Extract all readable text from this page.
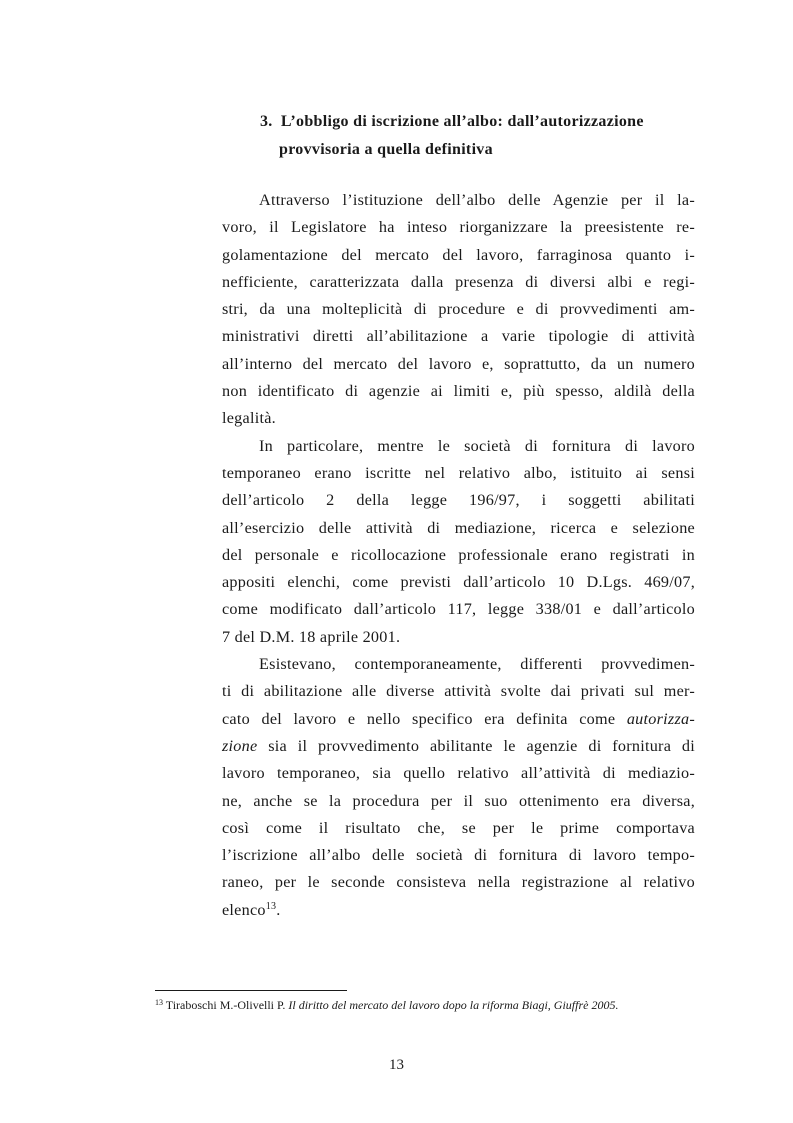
3. L’obbligo di iscrizione all’albo: dall’autorizzazione
provvisoria a quella definitiva
Attraverso l’istituzione dell’albo delle Agenzie per il la-
voro, il Legislatore ha inteso riorganizzare la preesistente re-
golamentazione del mercato del lavoro, farraginosa quanto i-
nefficiente, caratterizzata dalla presenza di diversi albi e regi-
stri, da una molteplicità di procedure e di provvedimenti am-
ministrativi diretti all’abilitazione a varie tipologie di attività
all’interno del mercato del lavoro e, soprattutto, da un numero
non identificato di agenzie ai limiti e, più spesso, aldilà della
legalità.
In particolare, mentre le società di fornitura di lavoro
temporaneo erano iscritte nel relativo albo, istituito ai sensi
dell’articolo 2 della legge 196/97, i soggetti abilitati
all’esercizio delle attività di mediazione, ricerca e selezione
del personale e ricollocazione professionale erano registrati in
appositi elenchi, come previsti dall’articolo 10 D.Lgs. 469/07,
come modificato dall’articolo 117, legge 338/01 e dall’articolo
7 del D.M. 18 aprile 2001.
Esistevano, contemporaneamente, differenti provvedimen-
ti di abilitazione alle diverse attività svolte dai privati sul mer-
cato del lavoro e nello specifico era definita come autorizza-
zione sia il provvedimento abilitante le agenzie di fornitura di
lavoro temporaneo, sia quello relativo all’attività di mediazio-
ne, anche se la procedura per il suo ottenimento era diversa,
così come il risultato che, se per le prime comportava
l’iscrizione all’albo delle società di fornitura di lavoro tempo-
raneo, per le seconde consisteva nella registrazione al relativo
elenco$^{13}$.
$^{13}$ Tiraboschi M.-Olivelli P. Il diritto del mercato del lavoro dopo la riforma Biagi, Giuffrè 2005.
13
